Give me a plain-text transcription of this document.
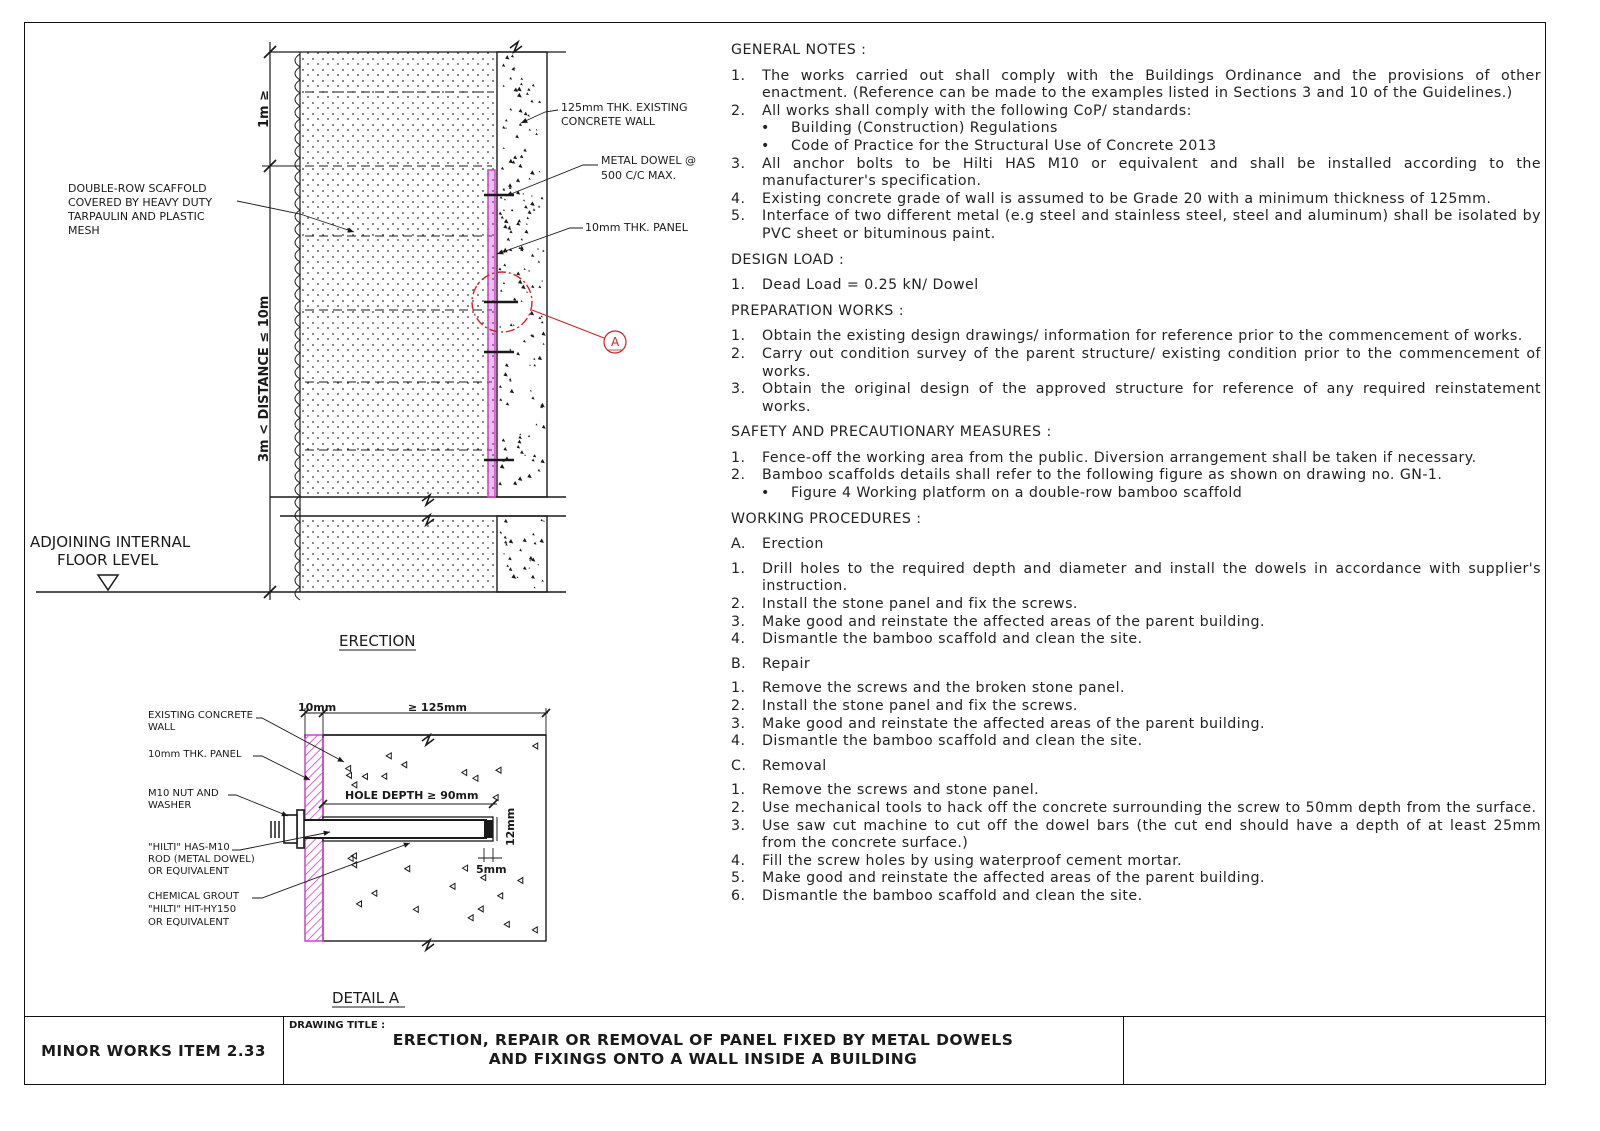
1m ≥
3m < DISTANCE ≤ 10m	A
125mm THK. EXISTING
CONCRETE WALL
METAL DOWEL @
500 C/C MAX.
10mm THK. PANEL
DOUBLE-ROW SCAFFOLD
COVERED BY HEAVY DUTY
TARPAULIN AND PLASTIC
MESH
ADJOINING INTERNAL
FLOOR LEVEL
ERECTION
10mm	≥ 125mm
HOLE DEPTH ≥ 90mm
12mm
5mm
EXISTING CONCRETE
WALL
10mm THK. PANEL
M10 NUT AND
WASHER
"HILTI" HAS-M10
ROD (METAL DOWEL)
OR EQUIVALENT
CHEMICAL GROUT
"HILTI" HIT-HY150
OR EQUIVALENT
DETAIL A
GENERAL NOTES :
1.	The works carried out shall comply with the Buildings Ordinance and the provisions of other enactment. (Reference can be made to the examples listed in Sections 3 and 10 of the Guidelines.)
2.	All works shall comply with the following CoP/ standards:
•	Building (Construction) Regulations
•	Code of Practice for the Structural Use of Concrete 2013
3.	All anchor bolts to be Hilti HAS M10 or equivalent and shall be installed according to the manufacturer's specification.
4.	Existing concrete grade of wall is assumed to be Grade 20 with a minimum thickness of 125mm.
5.	Interface of two different metal (e.g steel and stainless steel, steel and aluminum) shall be isolated by PVC sheet or bituminous paint.
DESIGN LOAD :
1.	Dead Load = 0.25 kN/ Dowel
PREPARATION WORKS :
1.	Obtain the existing design drawings/ information for reference prior to the commencement of works.
2.	Carry out condition survey of the parent structure/ existing condition prior to the commencement of works.
3.	Obtain the original design of the approved structure for reference of any required reinstatement works.
SAFETY AND PRECAUTIONARY MEASURES :
1.	Fence-off the working area from the public. Diversion arrangement shall be taken if necessary.
2.	Bamboo scaffolds details shall refer to the following figure as shown on drawing no. GN-1.
•	Figure 4 Working platform on a double-row bamboo scaffold
WORKING PROCEDURES :
A.	Erection
1.	Drill holes to the required depth and diameter and install the dowels in accordance with supplier's instruction.
2.	Install the stone panel and fix the screws.
3.	Make good and reinstate the affected areas of the parent building.
4.	Dismantle the bamboo scaffold and clean the site.
B.	Repair
1.	Remove the screws and the broken stone panel.
2.	Install the stone panel and fix the screws.
3.	Make good and reinstate the affected areas of the parent building.
4.	Dismantle the bamboo scaffold and clean the site.
C.	Removal
1.	Remove the screws and stone panel.
2.	Use mechanical tools to hack off the concrete surrounding the screw to 50mm depth from the surface.
3.	Use saw cut machine to cut off the dowel bars (the cut end should have a depth of at least 25mm from the concrete surface.)
4.	Fill the screw holes by using waterproof cement mortar.
5.	Make good and reinstate the affected areas of the parent building.
6.	Dismantle the bamboo scaffold and clean the site.
MINOR WORKS ITEM 2.33
DRAWING TITLE :
ERECTION, REPAIR OR REMOVAL OF PANEL FIXED BY METAL DOWELS
AND FIXINGS ONTO A WALL INSIDE A BUILDING
